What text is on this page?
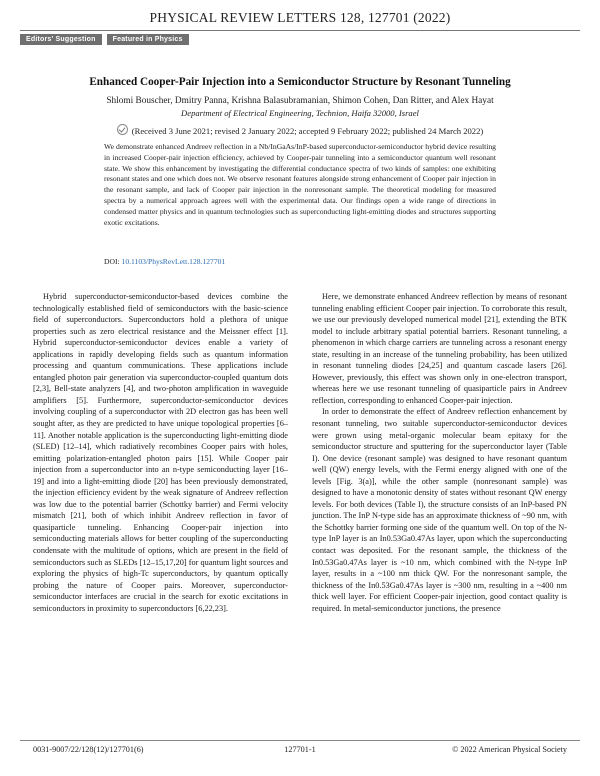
PHYSICAL REVIEW LETTERS 128, 127701 (2022)
Editors' Suggestion	Featured in Physics
Enhanced Cooper-Pair Injection into a Semiconductor Structure by Resonant Tunneling
Shlomi Bouscher, Dmitry Panna, Krishna Balasubramanian, Shimon Cohen, Dan Ritter, and Alex Hayat
Department of Electrical Engineering, Technion, Haifa 32000, Israel
(Received 3 June 2021; revised 2 January 2022; accepted 9 February 2022; published 24 March 2022)
We demonstrate enhanced Andreev reflection in a Nb/InGaAs/InP-based superconductor-semiconductor hybrid device resulting in increased Cooper-pair injection efficiency, achieved by Cooper-pair tunneling into a semiconductor quantum well resonant state. We show this enhancement by investigating the differential conductance spectra of two kinds of samples: one exhibiting resonant states and one which does not. We observe resonant features alongside strong enhancement of Cooper pair injection in the resonant sample, and lack of Cooper pair injection in the nonresonant sample. The theoretical modeling for measured spectra by a numerical approach agrees well with the experimental data. Our findings open a wide range of directions in condensed matter physics and in quantum technologies such as superconducting light-emitting diodes and structures supporting exotic excitations.
DOI: 10.1103/PhysRevLett.128.127701

Hybrid superconductor-semiconductor-based devices combine the technologically established field of semiconductors with the basic-science field of superconductors. Superconductors hold a plethora of unique properties such as zero electrical resistance and the Meissner effect [1]. Hybrid superconductor-semiconductor devices enable a variety of applications in rapidly developing fields such as quantum information processing and quantum communications. These applications include entangled photon pair generation via superconductor-coupled quantum dots [2,3], Bell-state analyzers [4], and two-photon amplification in waveguide amplifiers [5]. Furthermore, superconductor-semiconductor devices involving coupling of a superconductor with 2D electron gas has been well sought after, as they are predicted to have unique topological properties [6–11]. Another notable application is the superconducting light-emitting diode (SLED) [12–14], which radiatively recombines Cooper pairs with holes, emitting polarization-entangled photon pairs [15]. While Cooper pair injection from a superconductor into an n-type semiconducting layer [16–19] and into a light-emitting diode [20] has been previously demonstrated, the injection efficiency evident by the weak signature of Andreev reflection was low due to the potential barrier (Schottky barrier) and Fermi velocity mismatch [21], both of which inhibit Andreev reflection in favor of quasiparticle tunneling. Enhancing Cooper-pair injection into semiconducting materials allows for better coupling of the superconducting condensate with the multitude of options, which are present in the field of semiconductors such as SLEDs [12–15,17,20] for quantum light sources and exploring the physics of high-Tc superconductors, by quantum optically probing the nature of Cooper pairs. Moreover, superconductor-semiconductor interfaces are crucial in the search for exotic excitations in semiconductors in proximity to superconductors [6,22,23].

Here, we demonstrate enhanced Andreev reflection by means of resonant tunneling enabling efficient Cooper pair injection. To corroborate this result, we use our previously developed numerical model [21], extending the BTK model to include arbitrary spatial potential barriers. Resonant tunneling, a phenomenon in which charge carriers are tunneling across a resonant energy state, resulting in an increase of the tunneling probability, has been utilized in resonant tunneling diodes [24,25] and quantum cascade lasers [26]. However, previously, this effect was shown only in one-electron transport, whereas here we use resonant tunneling of quasiparticle pairs in Andreev reflection, corresponding to enhanced Cooper-pair injection.

In order to demonstrate the effect of Andreev reflection enhancement by resonant tunneling, two suitable superconductor-semiconductor devices were grown using metal-organic molecular beam epitaxy for the semiconductor structure and sputtering for the superconductor layer (Table I). One device (resonant sample) was designed to have resonant quantum well (QW) energy levels, with the Fermi energy aligned with one of the levels [Fig. 3(a)], while the other sample (nonresonant sample) was designed to have a monotonic density of states without resonant QW energy levels. For both devices (Table I), the structure consists of an InP-based PN junction. The InP N-type side has an approximate thickness of ~90 nm, with the Schottky barrier forming one side of the quantum well. On top of the N-type InP layer is an In0.53Ga0.47As layer, upon which the superconducting contact was deposited. For the resonant sample, the thickness of the In0.53Ga0.47As layer is ~10 nm, which combined with the N-type InP layer, results in a ~100 nm thick QW. For the nonresonant sample, the thickness of the In0.53Ga0.47As layer is ~300 nm, resulting in a ~400 nm thick well layer. For efficient Cooper-pair injection, good contact quality is required. In metal-semiconductor junctions, the presence

0031-9007/22/128(12)/127701(6)	127701-1	© 2022 American Physical Society
